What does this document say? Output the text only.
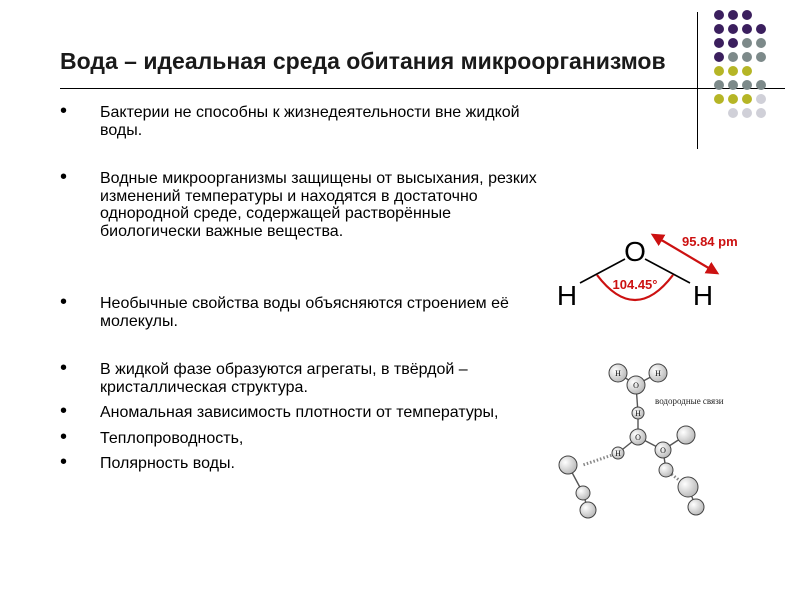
Вода – идеальная среда обитания микроорганизмов
• Бактерии не способны к жизнедеятельности вне жидкой воды.
• Водные микроорганизмы защищены от высыхания, резких изменений температуры и находятся в достаточно однородной среде, содержащей растворённые биологически важные вещества.
• Необычные свойства воды объясняются строением её молекулы.
• В жидкой фазе образуются агрегаты, в твёрдой – кристаллическая структура.
• Аномальная зависимость плотности от температуры,
• Теплопроводность,
• Полярность воды.
O
H	H
95.84 pm
104.45°
H	H
O
H
O
H	O
водородные связи
